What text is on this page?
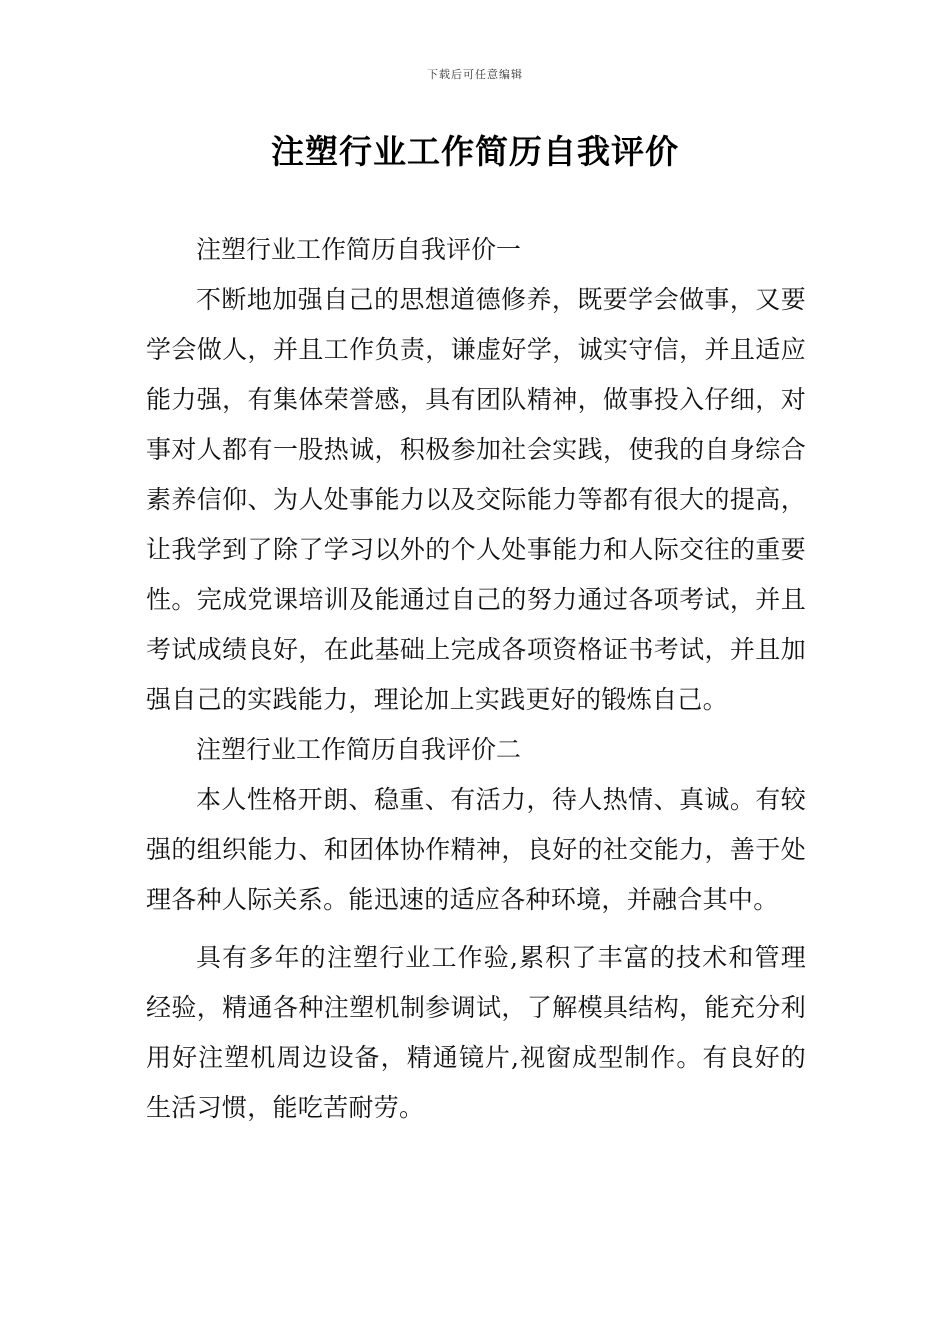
下载后可任意编辑
注塑行业工作简历自我评价

注塑行业工作简历自我评价一

不断地加强自己的思想道德修养，既要学会做事，又要学会做人，并且工作负责，谦虚好学，诚实守信，并且适应能力强，有集体荣誉感，具有团队精神，做事投入仔细，对事对人都有一股热诚，积极参加社会实践，使我的自身综合素养信仰、为人处事能力以及交际能力等都有很大的提高，让我学到了除了学习以外的个人处事能力和人际交往的重要性。完成党课培训及能通过自己的努力通过各项考试，并且考试成绩良好，在此基础上完成各项资格证书考试，并且加强自己的实践能力，理论加上实践更好的锻炼自己。

注塑行业工作简历自我评价二

本人性格开朗、稳重、有活力，待人热情、真诚。有较强的组织能力、和团体协作精神，良好的社交能力，善于处理各种人际关系。能迅速的适应各种环境，并融合其中。

具有多年的注塑行业工作验,累积了丰富的技术和管理经验，精通各种注塑机制参调试，了解模具结构，能充分利用好注塑机周边设备，精通镜片,视窗成型制作。有良好的生活习惯，能吃苦耐劳。
